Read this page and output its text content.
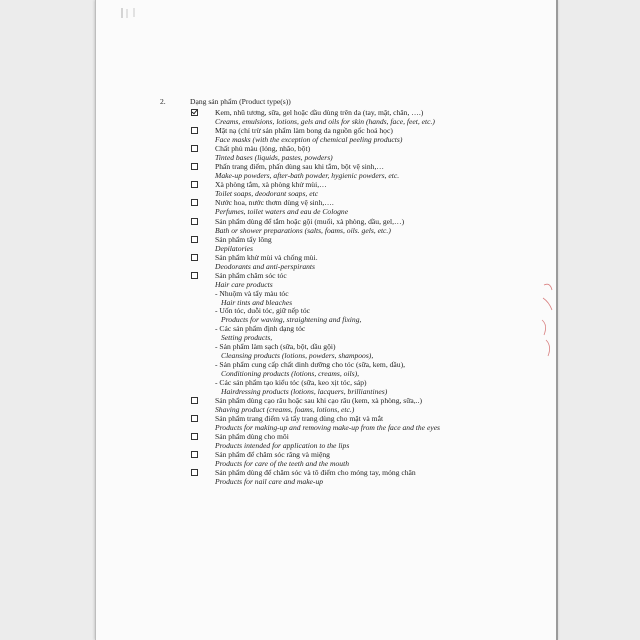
2.	Dạng sản phẩm (Product type(s))
Kem, nhũ tương, sữa, gel hoặc dầu dùng trên da (tay, mặt, chân, ….)
Creams, emulsions, lotions, gels and oils for skin (hands, face, feet, etc.)
Mặt nạ (chỉ trừ sản phẩm làm bong da nguồn gốc hoá học)
Face masks (with the exception of chemical peeling products)
Chất phủ màu (lỏng, nhão, bột)
Tinted bases (liquids, pastes, powders)
Phấn trang điểm, phấn dùng sau khi tắm, bột vệ sinh,…
Make-up powders, after-bath powder, hygienic powders, etc.
Xà phòng tắm, xà phòng khử mùi,…
Toilet soaps, deodorant soaps, etc
Nước hoa, nước thơm dùng vệ sinh,….
Perfumes, toilet waters and eau de Cologne
Sản phẩm dùng để tắm hoặc gội (muối, xà phòng, dầu, gel,…)
Bath or shower preparations (salts, foams, oils. gels, etc.)
Sản phẩm tẩy lông
Depilatories
Sản phẩm khử mùi và chống mùi.
Deodorants and anti-perspirants
Sản phẩm chăm sóc tóc
Hair care products
- Nhuộm và tẩy màu tóc
Hair tints and bleaches
- Uốn tóc, duỗi tóc, giữ nếp tóc
Products for waving, straightening and fixing,
- Các sản phẩm định dạng tóc
Setting products,
- Sản phẩm làm sạch (sữa, bột, dầu gội)
Cleansing products (lotions, powders, shampoos),
- Sản phẩm cung cấp chất dinh dưỡng cho tóc (sữa, kem, dầu),
Conditioning products (lotions, creams, oils),
- Các sản phẩm tạo kiểu tóc (sữa, keo xịt tóc, sáp)
Hairdressing products (lotions, lacquers, brilliantines)
Sản phẩm dùng cạo râu hoặc sau khi cạo râu (kem, xà phòng, sữa,..)
Shaving product (creams, foams, lotions, etc.)
Sản phẩm trang điểm và tẩy trang dùng cho mặt và mắt
Products for making-up and removing make-up from the face and the eyes
Sản phẩm dùng cho môi
Products intended for application to the lips
Sản phẩm để chăm sóc răng và miệng
Products for care of the teeth and the mouth
Sản phẩm dùng để chăm sóc và tô điểm cho móng tay, móng chân
Products for nail care and make-up
